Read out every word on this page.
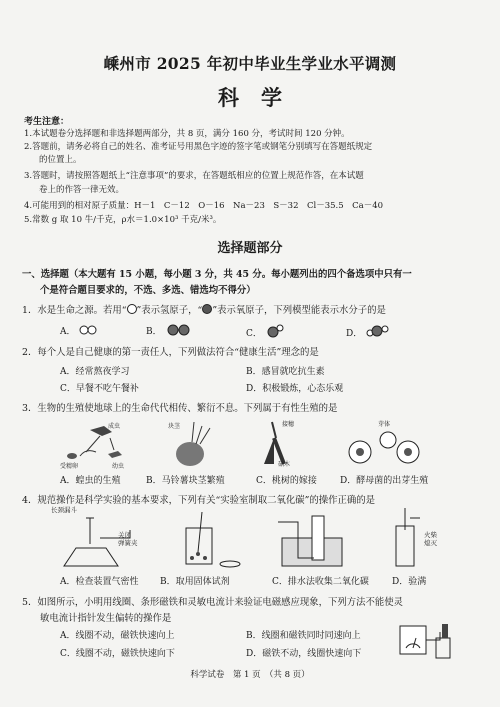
嵊州市 2025 年初中毕业生学业水平调测
科学
考生注意：
1.本试题卷分选择题和非选择题两部分，共 8 页，满分 160 分，考试时间 120 分钟。
2.答题前，请务必将自己的姓名、准考证号用黑色字迹的签字笔或钢笔分别填写在答题纸规定
的位置上。
3.答题时，请按照答题纸上“注意事项”的要求，在答题纸相应的位置上规范作答，在本试题
卷上的作答一律无效。
4.可能用到的相对原子质量：H－1　C－12　O－16　Na－23　S－32　Cl－35.5　Ca－40
5.常数 g 取 10 牛/千克，ρ水＝1.0×10³ 千克/米³。
选择题部分
一、选择题（本大题有 15 小题，每小题 3 分，共 45 分。每小题列出的四个备选项中只有一
个是符合题目要求的，不选、多选、错选均不得分）
1．水是生命之源。若用“ ”表示氢原子，“ ”表示氧原子，下列模型能表示水分子的是
A．	B．	C．	D．
2．每个人是自己健康的第一责任人，下列做法符合“健康生活”理念的是
A．经常熬夜学习	B．感冒就吃抗生素
C．早餐不吃午餐补	D．积极锻炼，心态乐观
3．生物的生殖使地球上的生命代代相传、繁衍不息。下列属于有性生殖的是
成虫
受精卵	幼虫
块茎	接穗
砧木
芽体
A．蝗虫的生殖	B．马铃薯块茎繁殖	C．桃树的嫁接	D．酵母菌的出芽生殖
4．规范操作是科学实验的基本要求，下列有关“实验室制取二氧化碳”的操作正确的是
长颈漏斗
关闭
弹簧夹
火柴
熄灭
A．检查装置气密性 B．取用固体试剂	C．排水法收集二氧化碳	D．验满
5．如图所示，小明用线圈、条形磁铁和灵敏电流计来验证电磁感应现象，下列方法不能使灵
敏电流计指针发生偏转的操作是
A．线圈不动，磁铁快速向上	B．线圈和磁铁同时同速向上
C．线圈不动，磁铁快速向下	D．磁铁不动，线圈快速向下
科学试卷　第 1 页　（共 8 页）
